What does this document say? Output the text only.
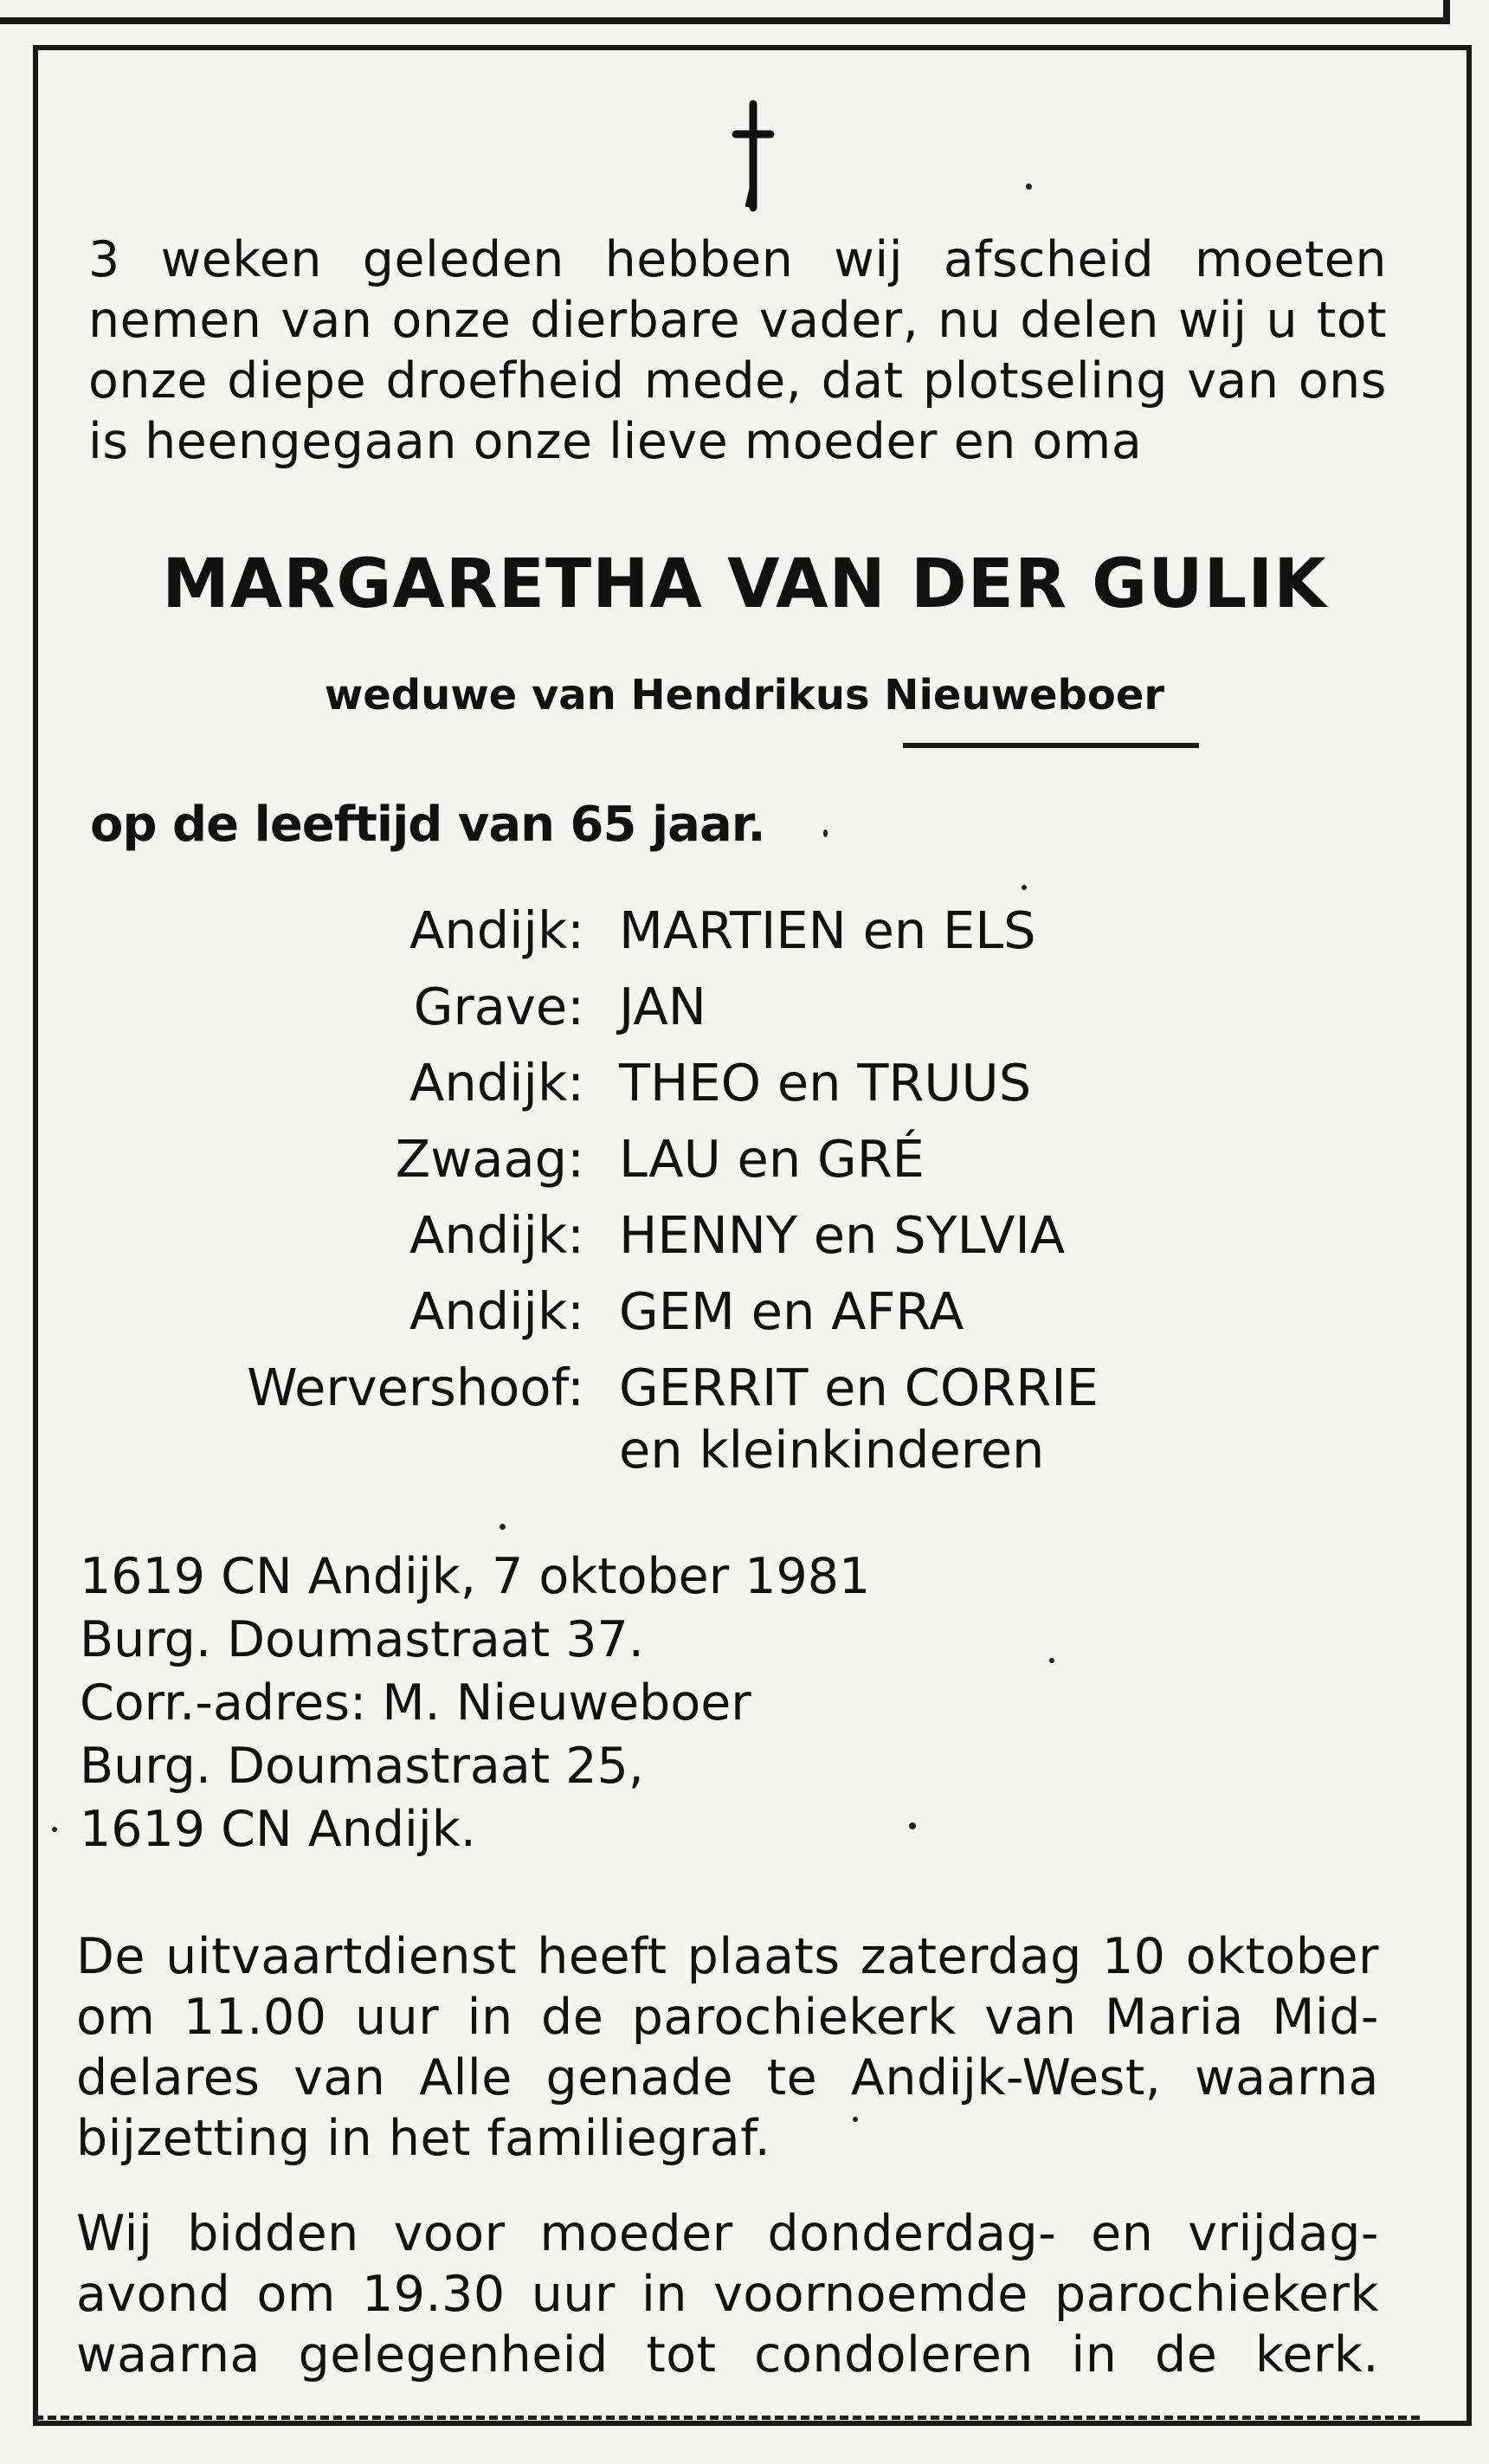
3 weken geleden hebben wij afscheid moeten
nemen van onze dierbare vader, nu delen wij u tot
onze diepe droefheid mede, dat plotseling van ons
is heengegaan onze lieve moeder en oma
MARGARETHA VAN DER GULIK
weduwe van Hendrikus Nieuweboer
op de leeftijd van 65 jaar.
Andijk: MARTIEN en ELS
Grave: JAN
Andijk: THEO en TRUUS
Zwaag: LAU en GRÉ
Andijk: HENNY en SYLVIA
Andijk: GEM en AFRA
Wervershoof: GERRIT en CORRIE
en kleinkinderen
1619 CN Andijk, 7 oktober 1981
Burg. Doumastraat 37.
Corr.-adres: M. Nieuweboer
Burg. Doumastraat 25,
1619 CN Andijk.
De uitvaartdienst heeft plaats zaterdag 10 oktober
om 11.00 uur in de parochiekerk van Maria Mid-
delares van Alle genade te Andijk-West, waarna
bijzetting in het familiegraf.
Wij bidden voor moeder donderdag- en vrijdag-
avond om 19.30 uur in voornoemde parochiekerk
waarna gelegenheid tot condoleren in de kerk.
